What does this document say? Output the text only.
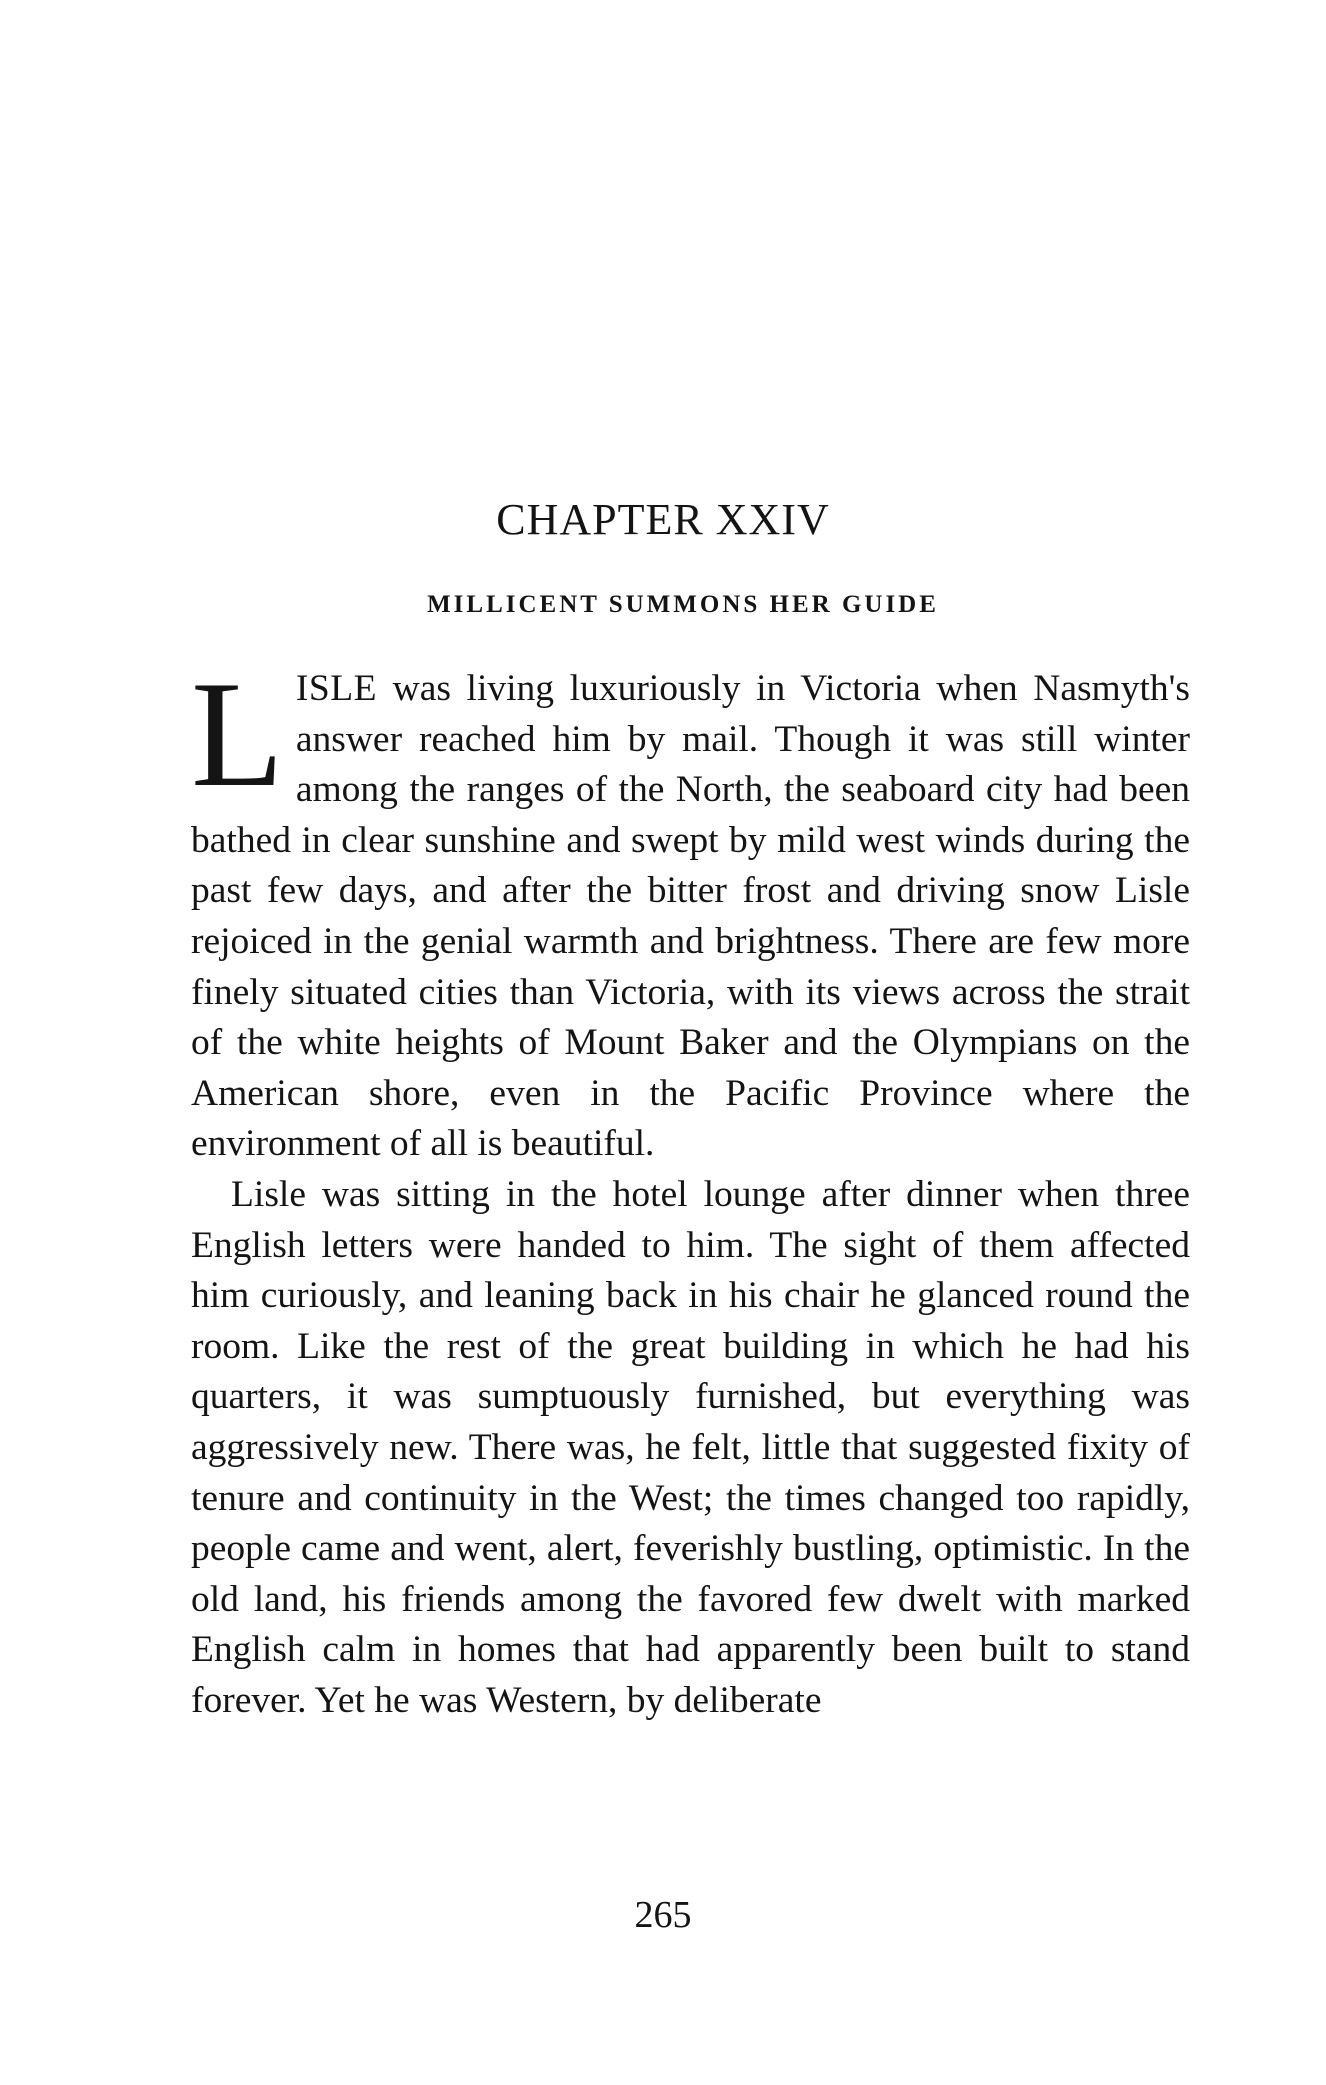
CHAPTER XXIV
MILLICENT SUMMONS HER GUIDE

LISLE was living luxuriously in Victoria when Nasmyth's answer reached him by mail. Though it was still winter among the ranges of the North, the seaboard city had been bathed in clear sunshine and swept by mild west winds during the past few days, and after the bitter frost and driving snow Lisle rejoiced in the genial warmth and brightness. There are few more finely situated cities than Victoria, with its views across the strait of the white heights of Mount Baker and the Olympians on the American shore, even in the Pacific Province where the environment of all is beautiful.

Lisle was sitting in the hotel lounge after dinner when three English letters were handed to him. The sight of them affected him curiously, and leaning back in his chair he glanced round the room. Like the rest of the great building in which he had his quarters, it was sumptuously furnished, but everything was aggressively new. There was, he felt, little that suggested fixity of tenure and continuity in the West; the times changed too rapidly, people came and went, alert, feverishly bustling, optimistic. In the old land, his friends among the favored few dwelt with marked English calm in homes that had apparently been built to stand forever. Yet he was Western, by deliberate

265
